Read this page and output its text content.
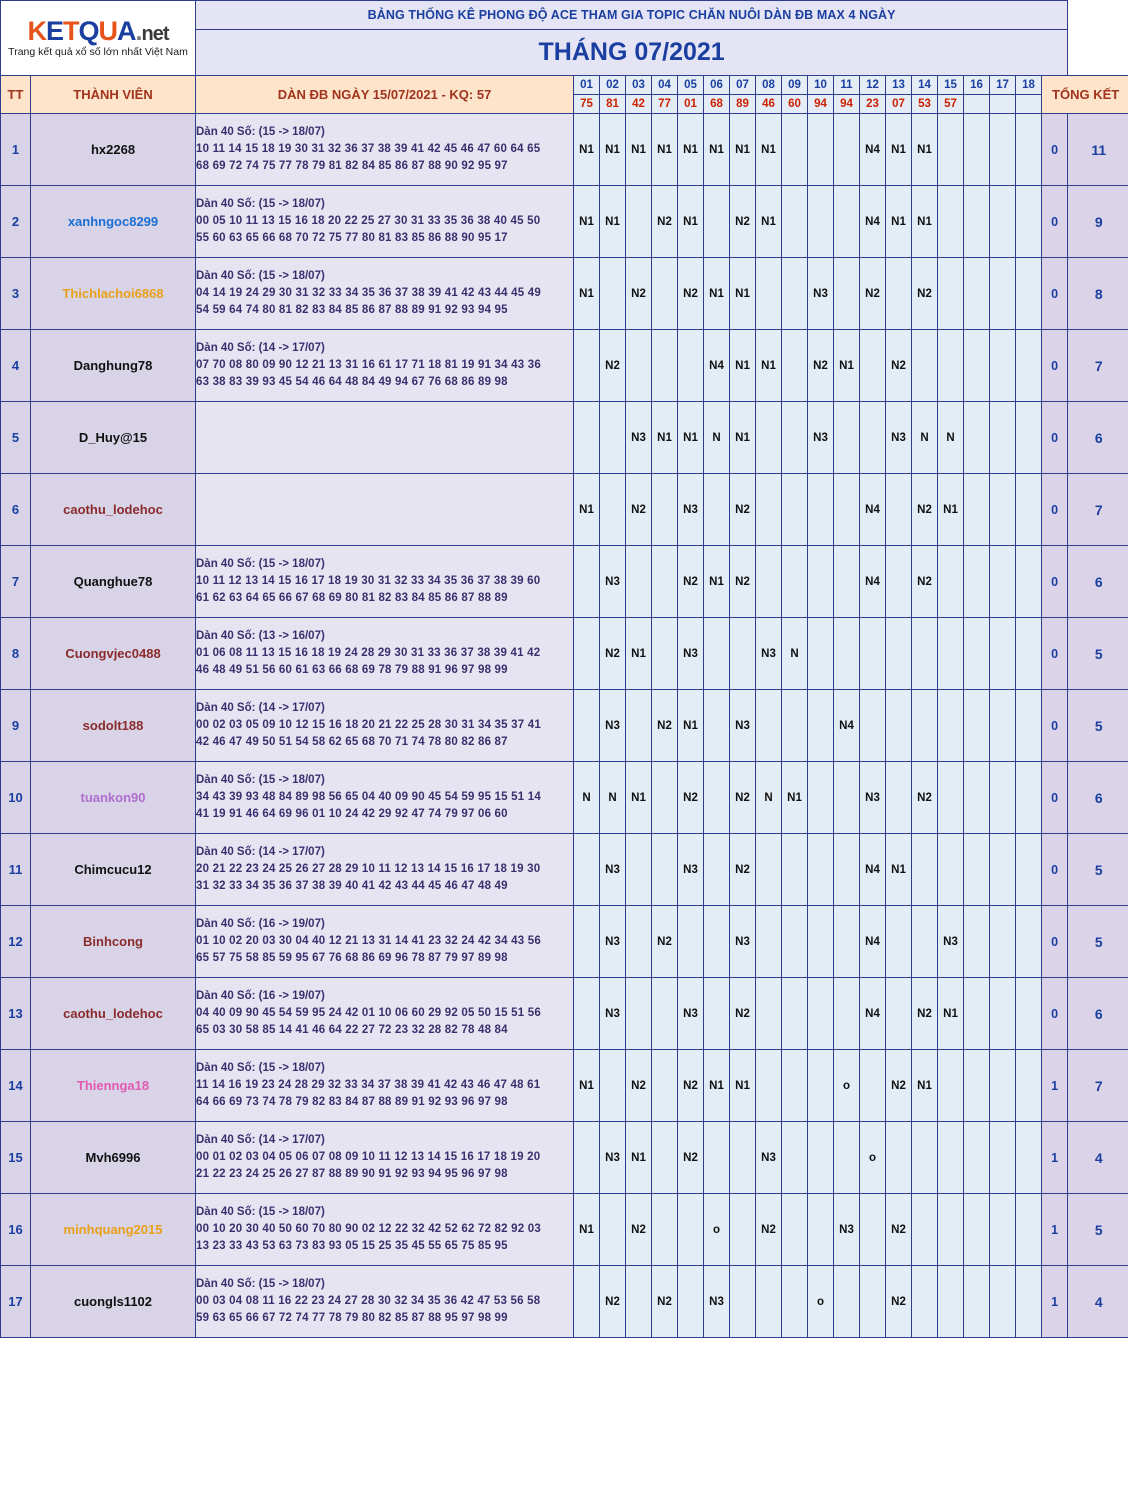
KETQUA.net
Trang kết quả xổ số lớn nhất Việt Nam		BẢNG THỐNG KÊ PHONG ĐỘ ACE THAM GIA TOPIC CHĂN NUÔI DÀN ĐB MAX 4 NGÀY																				
		THÁNG 07/2021																				
TT	THÀNH VIÊN	DÀN ĐB NGÀY 15/07/2021 - KQ: 57	01	02	03	04	05	06	07	08	09	10	11	12	13	14	15	16	17	18	TỔNG KẾT	
			75	81	42	77	01	68	89	46	60	94	94	23	07	53	57					
1	hx2268	Dàn 40 Số: (15 -> 18/07)
10 11 14 15 18 19 30 31 32 36 37 38 39 41 42 45 46 47 60 64 65
68 69 72 74 75 77 78 79 81 82 84 85 86 87 88 90 92 95 97	N1	N1	N1	N1	N1	N1	N1	N1				N4	N1	N1					0	11
2	xanhngoc8299	Dàn 40 Số: (15 -> 18/07)
00 05 10 11 13 15 16 18 20 22 25 27 30 31 33 35 36 38 40 45 50
55 60 63 65 66 68 70 72 75 77 80 81 83 85 86 88 90 95 17	N1	N1		N2	N1		N2	N1				N4	N1	N1					0	9
3	Thichlachoi6868	Dàn 40 Số: (15 -> 18/07)
04 14 19 24 29 30 31 32 33 34 35 36 37 38 39 41 42 43 44 45 49
54 59 64 74 80 81 82 83 84 85 86 87 88 89 91 92 93 94 95	N1		N2		N2	N1	N1			N3		N2		N2					0	8
4	Danghung78	Dàn 40 Số: (14 -> 17/07)
07 70 08 80 09 90 12 21 13 31 16 61 17 71 18 81 19 91 34 43 36
63 38 83 39 93 45 54 46 64 48 84 49 94 67 76 68 86 89 98		N2				N4	N1	N1		N2	N1		N2						0	7
5	D_Huy@15				N3	N1	N1	N	N1			N3			N3	N	N				0	6
6	caothu_lodehoc		N1		N2		N3		N2					N4		N2	N1				0	7
7	Quanghue78	Dàn 40 Số: (15 -> 18/07)
10 11 12 13 14 15 16 17 18 19 30 31 32 33 34 35 36 37 38 39 60
61 62 63 64 65 66 67 68 69 80 81 82 83 84 85 86 87 88 89		N3			N2	N1	N2					N4		N2					0	6
8	Cuongvjec0488	Dàn 40 Số: (13 -> 16/07)
01 06 08 11 13 15 16 18 19 24 28 29 30 31 33 36 37 38 39 41 42
46 48 49 51 56 60 61 63 66 68 69 78 79 88 91 96 97 98 99		N2	N1		N3			N3	N										0	5
9	sodolt188	Dàn 40 Số: (14 -> 17/07)
00 02 03 05 09 10 12 15 16 18 20 21 22 25 28 30 31 34 35 37 41
42 46 47 49 50 51 54 58 62 65 68 70 71 74 78 80 82 86 87		N3		N2	N1		N3				N4								0	5
10	tuankon90	Dàn 40 Số: (15 -> 18/07)
34 43 39 93 48 84 89 98 56 65 04 40 09 90 45 54 59 95 15 51 14
41 19 91 46 64 69 96 01 10 24 42 29 92 47 74 79 97 06 60	N	N	N1		N2		N2	N	N1			N3		N2					0	6
11	Chimcucu12	Dàn 40 Số: (14 -> 17/07)
20 21 22 23 24 25 26 27 28 29 10 11 12 13 14 15 16 17 18 19 30
31 32 33 34 35 36 37 38 39 40 41 42 43 44 45 46 47 48 49		N3			N3		N2					N4	N1						0	5
12	Binhcong	Dàn 40 Số: (16 -> 19/07)
01 10 02 20 03 30 04 40 12 21 13 31 14 41 23 32 24 42 34 43 56
65 57 75 58 85 59 95 67 76 68 86 69 96 78 87 79 97 89 98		N3		N2			N3					N4			N3				0	5
13	caothu_lodehoc	Dàn 40 Số: (16 -> 19/07)
04 40 09 90 45 54 59 95 24 42 01 10 06 60 29 92 05 50 15 51 56
65 03 30 58 85 14 41 46 64 22 27 72 23 32 28 82 78 48 84		N3			N3		N2					N4		N2	N1				0	6
14	Thiennga18	Dàn 40 Số: (15 -> 18/07)
11 14 16 19 23 24 28 29 32 33 34 37 38 39 41 42 43 46 47 48 61
64 66 69 73 74 78 79 82 83 84 87 88 89 91 92 93 96 97 98	N1		N2		N2	N1	N1				o		N2	N1					1	7
15	Mvh6996	Dàn 40 Số: (14 -> 17/07)
00 01 02 03 04 05 06 07 08 09 10 11 12 13 14 15 16 17 18 19 20
21 22 23 24 25 26 27 87 88 89 90 91 92 93 94 95 96 97 98		N3	N1		N2			N3				o							1	4
16	minhquang2015	Dàn 40 Số: (15 -> 18/07)
00 10 20 30 40 50 60 70 80 90 02 12 22 32 42 52 62 72 82 92 03
13 23 33 43 53 63 73 83 93 05 15 25 35 45 55 65 75 85 95	N1		N2			o		N2			N3		N2						1	5
17	cuongls1102	Dàn 40 Số: (15 -> 18/07)
00 03 04 08 11 16 22 23 24 27 28 30 32 34 35 36 42 47 53 56 58
59 63 65 66 67 72 74 77 78 79 80 82 85 87 88 95 97 98 99		N2		N2		N3				o			N2						1	4
